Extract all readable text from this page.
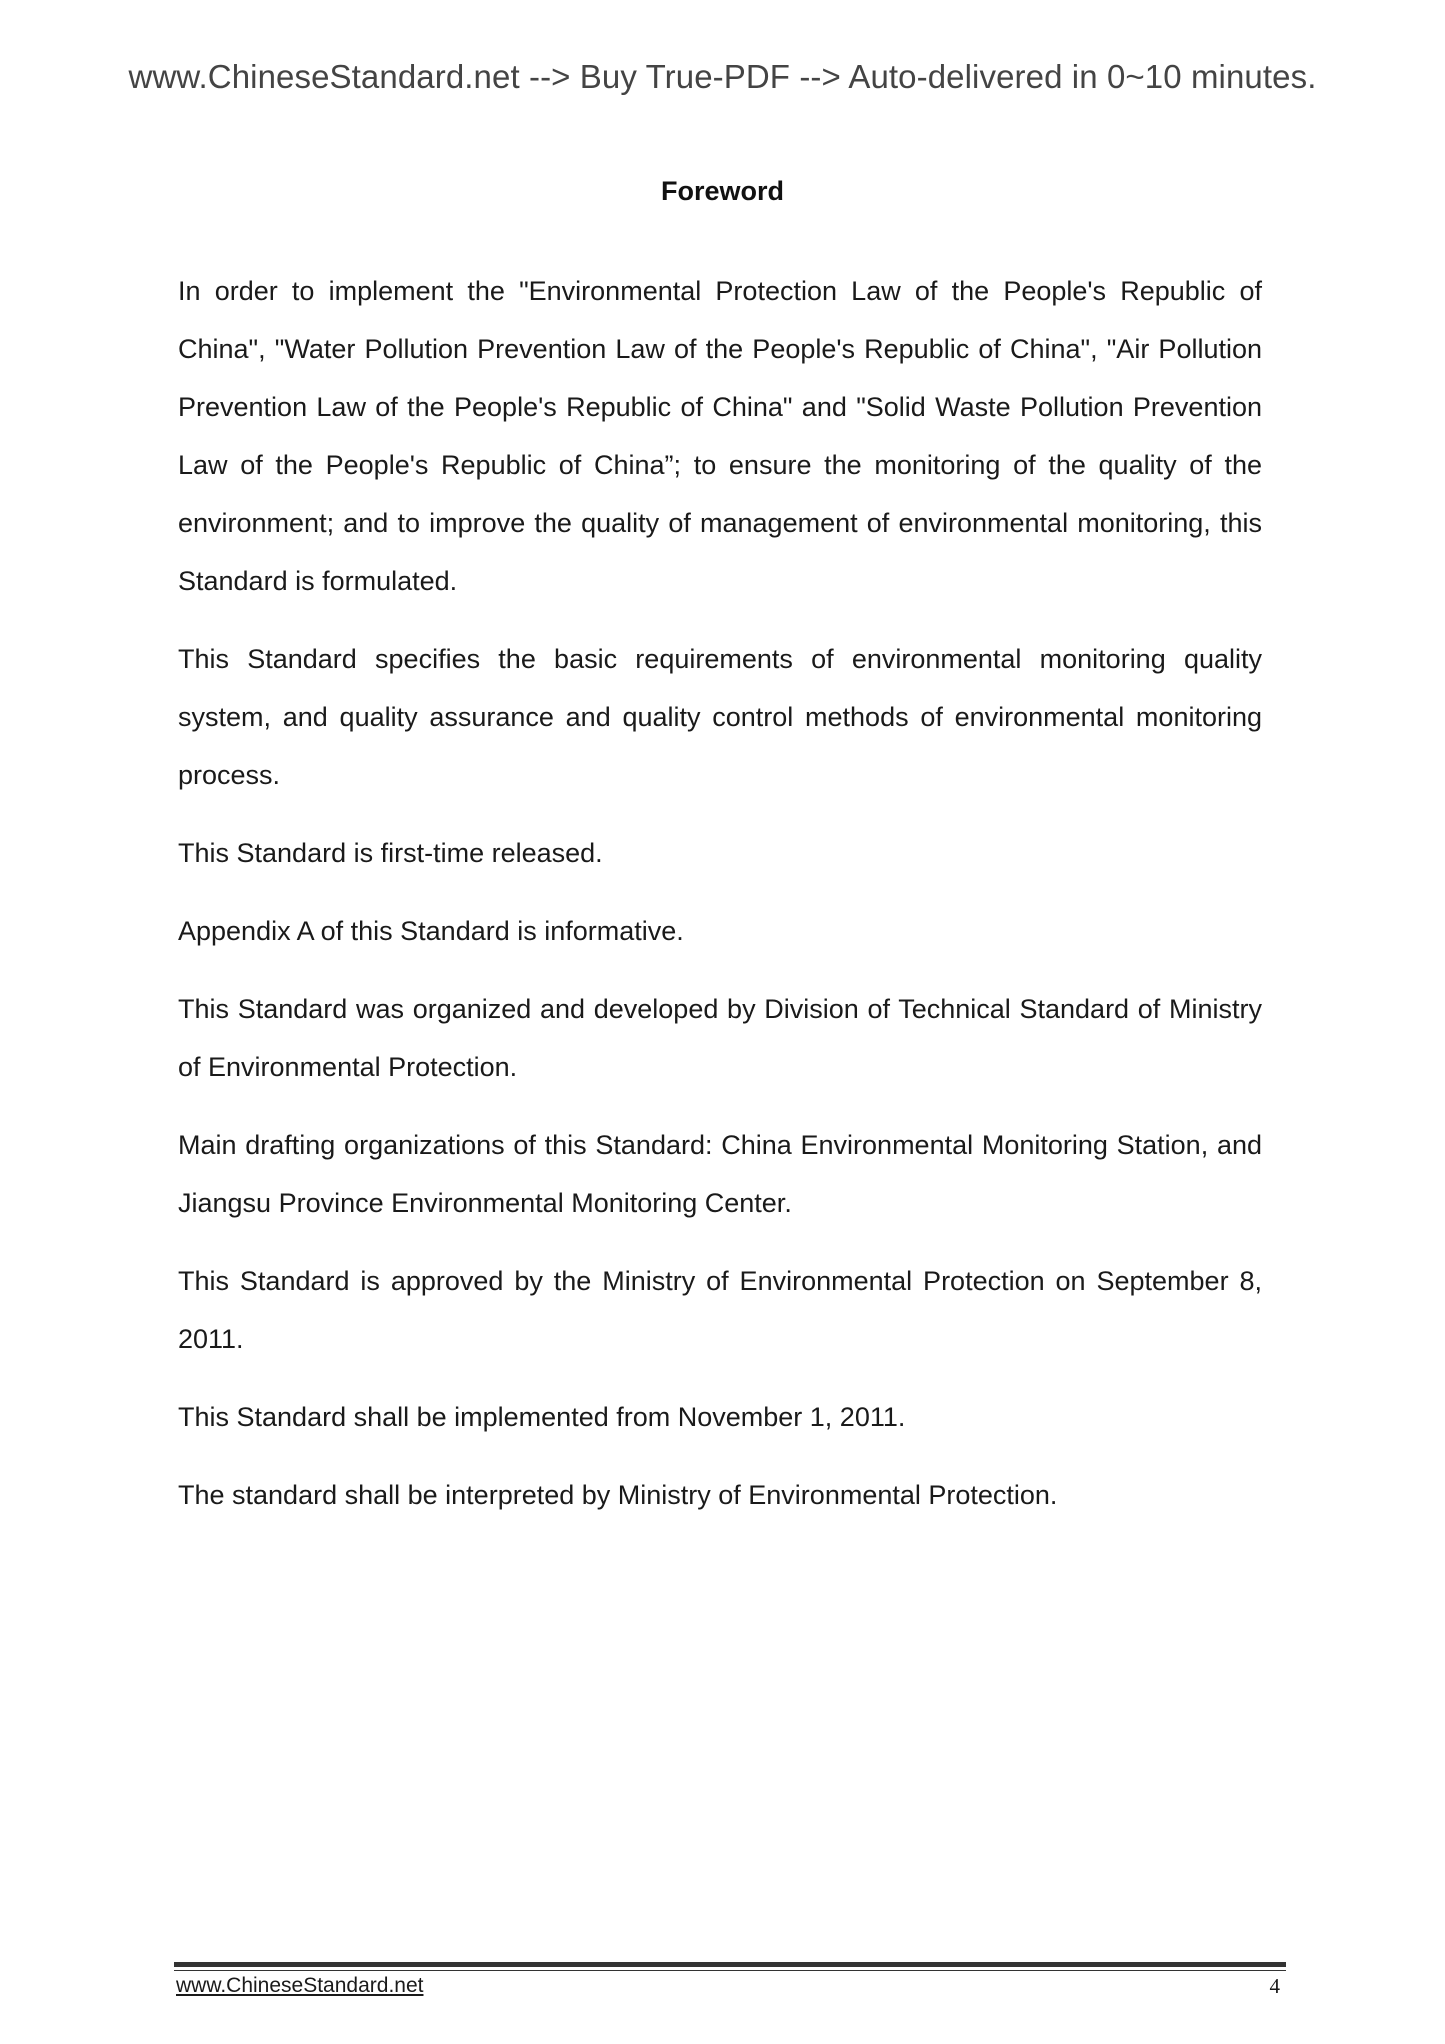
www.ChineseStandard.net --> Buy True-PDF --> Auto-delivered in 0~10 minutes.
Foreword

In order to implement the "Environmental Protection Law of the People's Republic of China", "Water Pollution Prevention Law of the People's Republic of China", "Air Pollution Prevention Law of the People's Republic of China" and "Solid Waste Pollution Prevention Law of the People's Republic of China”; to ensure the monitoring of the quality of the environment; and to improve the quality of management of environmental monitoring, this Standard is formulated.

This Standard specifies the basic requirements of environmental monitoring quality system, and quality assurance and quality control methods of environmental monitoring process.

This Standard is first-time released.

Appendix A of this Standard is informative.

This Standard was organized and developed by Division of Technical Standard of Ministry of Environmental Protection.

Main drafting organizations of this Standard: China Environmental Monitoring Station, and Jiangsu Province Environmental Monitoring Center.

This Standard is approved by the Ministry of Environmental Protection on September 8, 2011.

This Standard shall be implemented from November 1, 2011.

The standard shall be interpreted by Ministry of Environmental Protection.

www.ChineseStandard.net	4
